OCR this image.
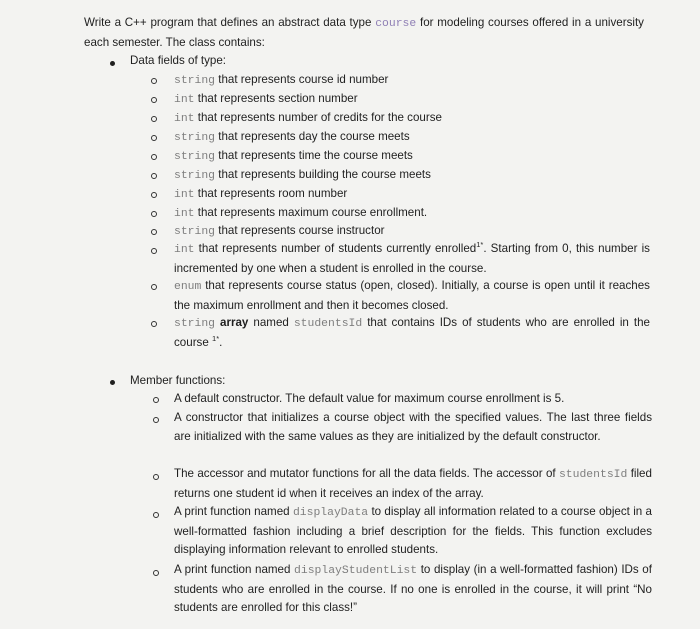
Write a C++ program that defines an abstract data type course for modeling courses offered in a university each semester. The class contains:
Data fields of type:
string that represents course id number
int that represents section number
int that represents number of credits for the course
string that represents day the course meets
string that represents time the course meets
string that represents building the course meets
int that represents room number
int that represents maximum course enrollment.
string that represents course instructor
int that represents number of students currently enrolled$^{1*}$. Starting from 0, this number is incremented by one when a student is enrolled in the course.
enum that represents course status (open, closed). Initially, a course is open until it reaches the maximum enrollment and then it becomes closed.
string array named studentsId that contains IDs of students who are enrolled in the course $^{1*}$.
Member functions:
A default constructor. The default value for maximum course enrollment is 5.
A constructor that initializes a course object with the specified values. The last three fields are initialized with the same values as they are initialized by the default constructor.
The accessor and mutator functions for all the data fields. The accessor of studentsId filed returns one student id when it receives an index of the array.
A print function named displayData to display all information related to a course object in a well-formatted fashion including a brief description for the fields. This function excludes displaying information relevant to enrolled students.
A print function named displayStudentList to display (in a well-formatted fashion) IDs of students who are enrolled in the course. If no one is enrolled in the course, it will print “No students are enrolled for this class!”
